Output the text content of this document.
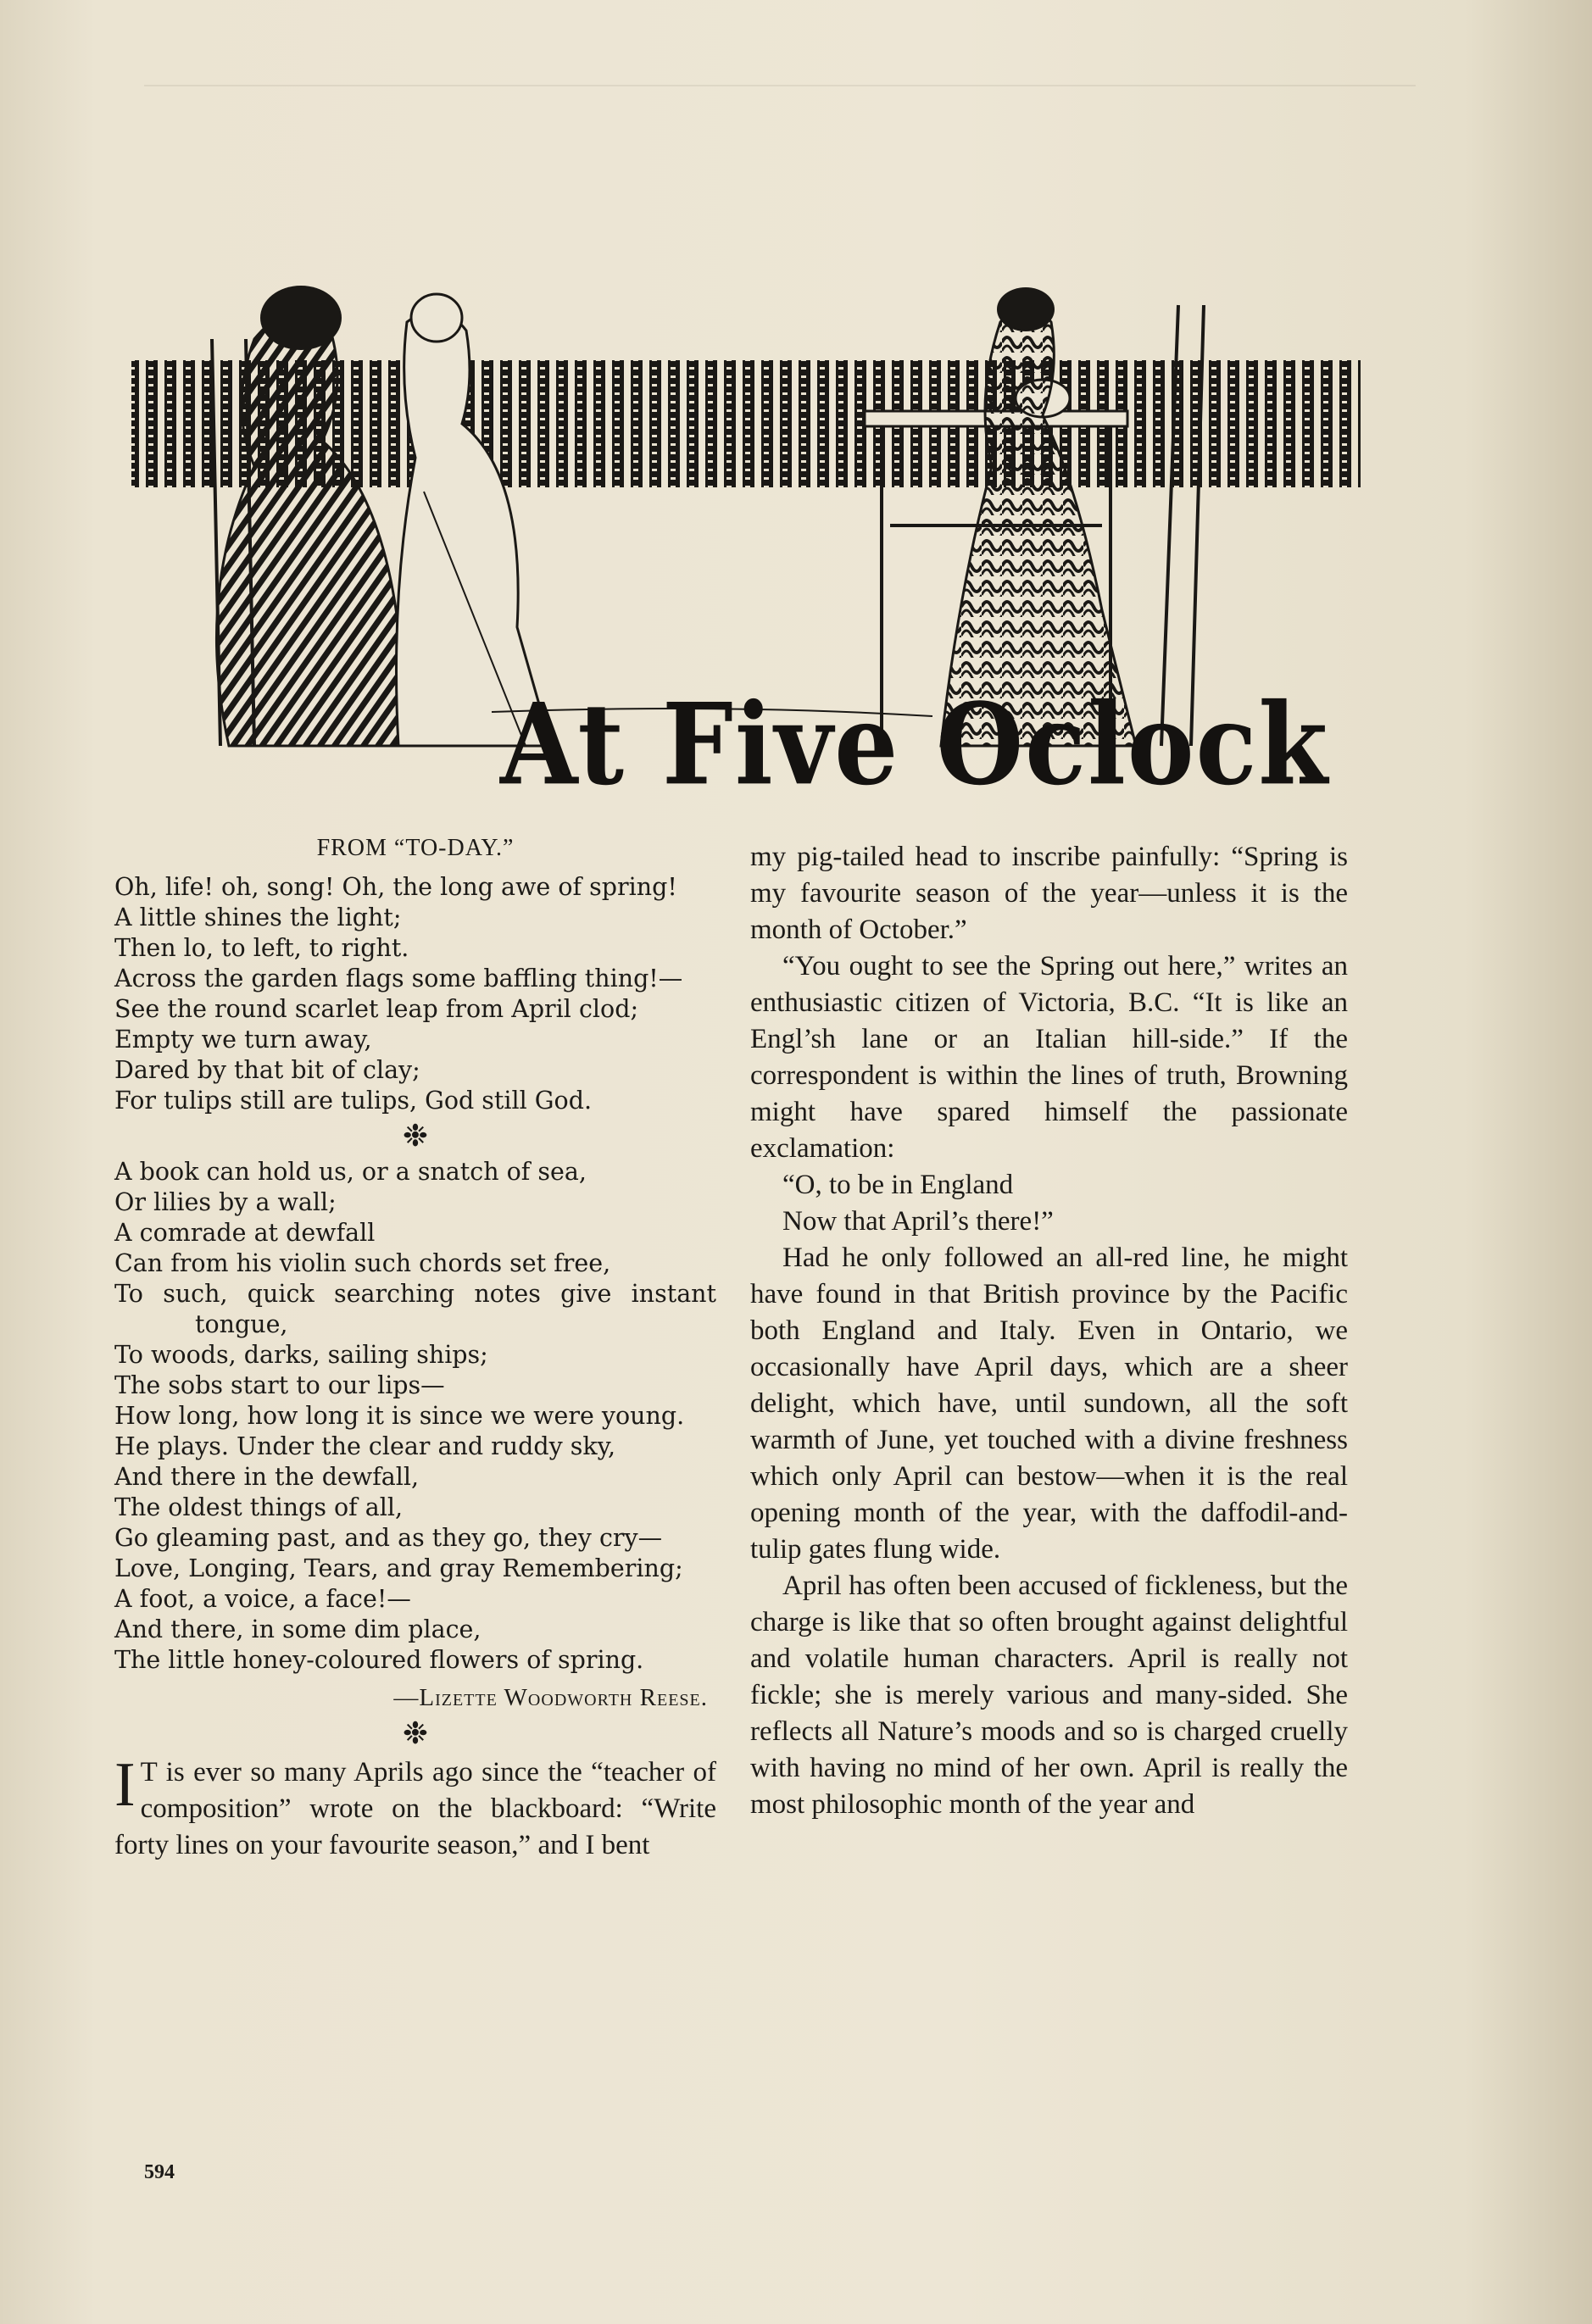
At Five Oclock

FROM “TO-DAY.”

Oh, life! oh, song! Oh, the long awe of spring!

A little shines the light;

Then lo, to left, to right.

Across the garden flags some baffling thing!—

See the round scarlet leap from April clod;

Empty we turn away,

Dared by that bit of clay;

For tulips still are tulips, God still God.

❉

A book can hold us, or a snatch of sea,

Or lilies by a wall;

A comrade at dewfall

Can from his violin such chords set free,

To such, quick searching notes give instant tongue,

To woods, darks, sailing ships;

The sobs start to our lips—

How long, how long it is since we were young.

He plays. Under the clear and ruddy sky,

And there in the dewfall,

The oldest things of all,

Go gleaming past, and as they go, they cry—

Love, Longing, Tears, and gray Remembering;

A foot, a voice, a face!—

And there, in some dim place,

The little honey-coloured flowers of spring.

—Lizette Woodworth Reese.

❉
I T is ever so many Aprils ago since the “teacher of composition” wrote on the blackboard: “Write forty lines on your favourite season,” and I bent

my pig-tailed head to inscribe painfully: “Spring is my favourite season of the year—unless it is the month of October.”

“You ought to see the Spring out here,” writes an enthusiastic citizen of Victoria, B.C. “It is like an Engl’sh lane or an Italian hill-side.” If the correspondent is within the lines of truth, Browning might have spared himself the passionate exclamation:

“O, to be in England

Now that April’s there!”

Had he only followed an all-red line, he might have found in that British province by the Pacific both England and Italy. Even in Ontario, we occasionally have April days, which are a sheer delight, which have, until sundown, all the soft warmth of June, yet touched with a divine freshness which only April can bestow—when it is the real opening month of the year, with the daffodil-and-tulip gates flung wide.

April has often been accused of fickleness, but the charge is like that so often brought against delightful and volatile human characters. April is really not fickle; she is merely various and many-sided. She reflects all Nature’s moods and so is charged cruelly with having no mind of her own. April is really the most philosophic month of the year and

594
